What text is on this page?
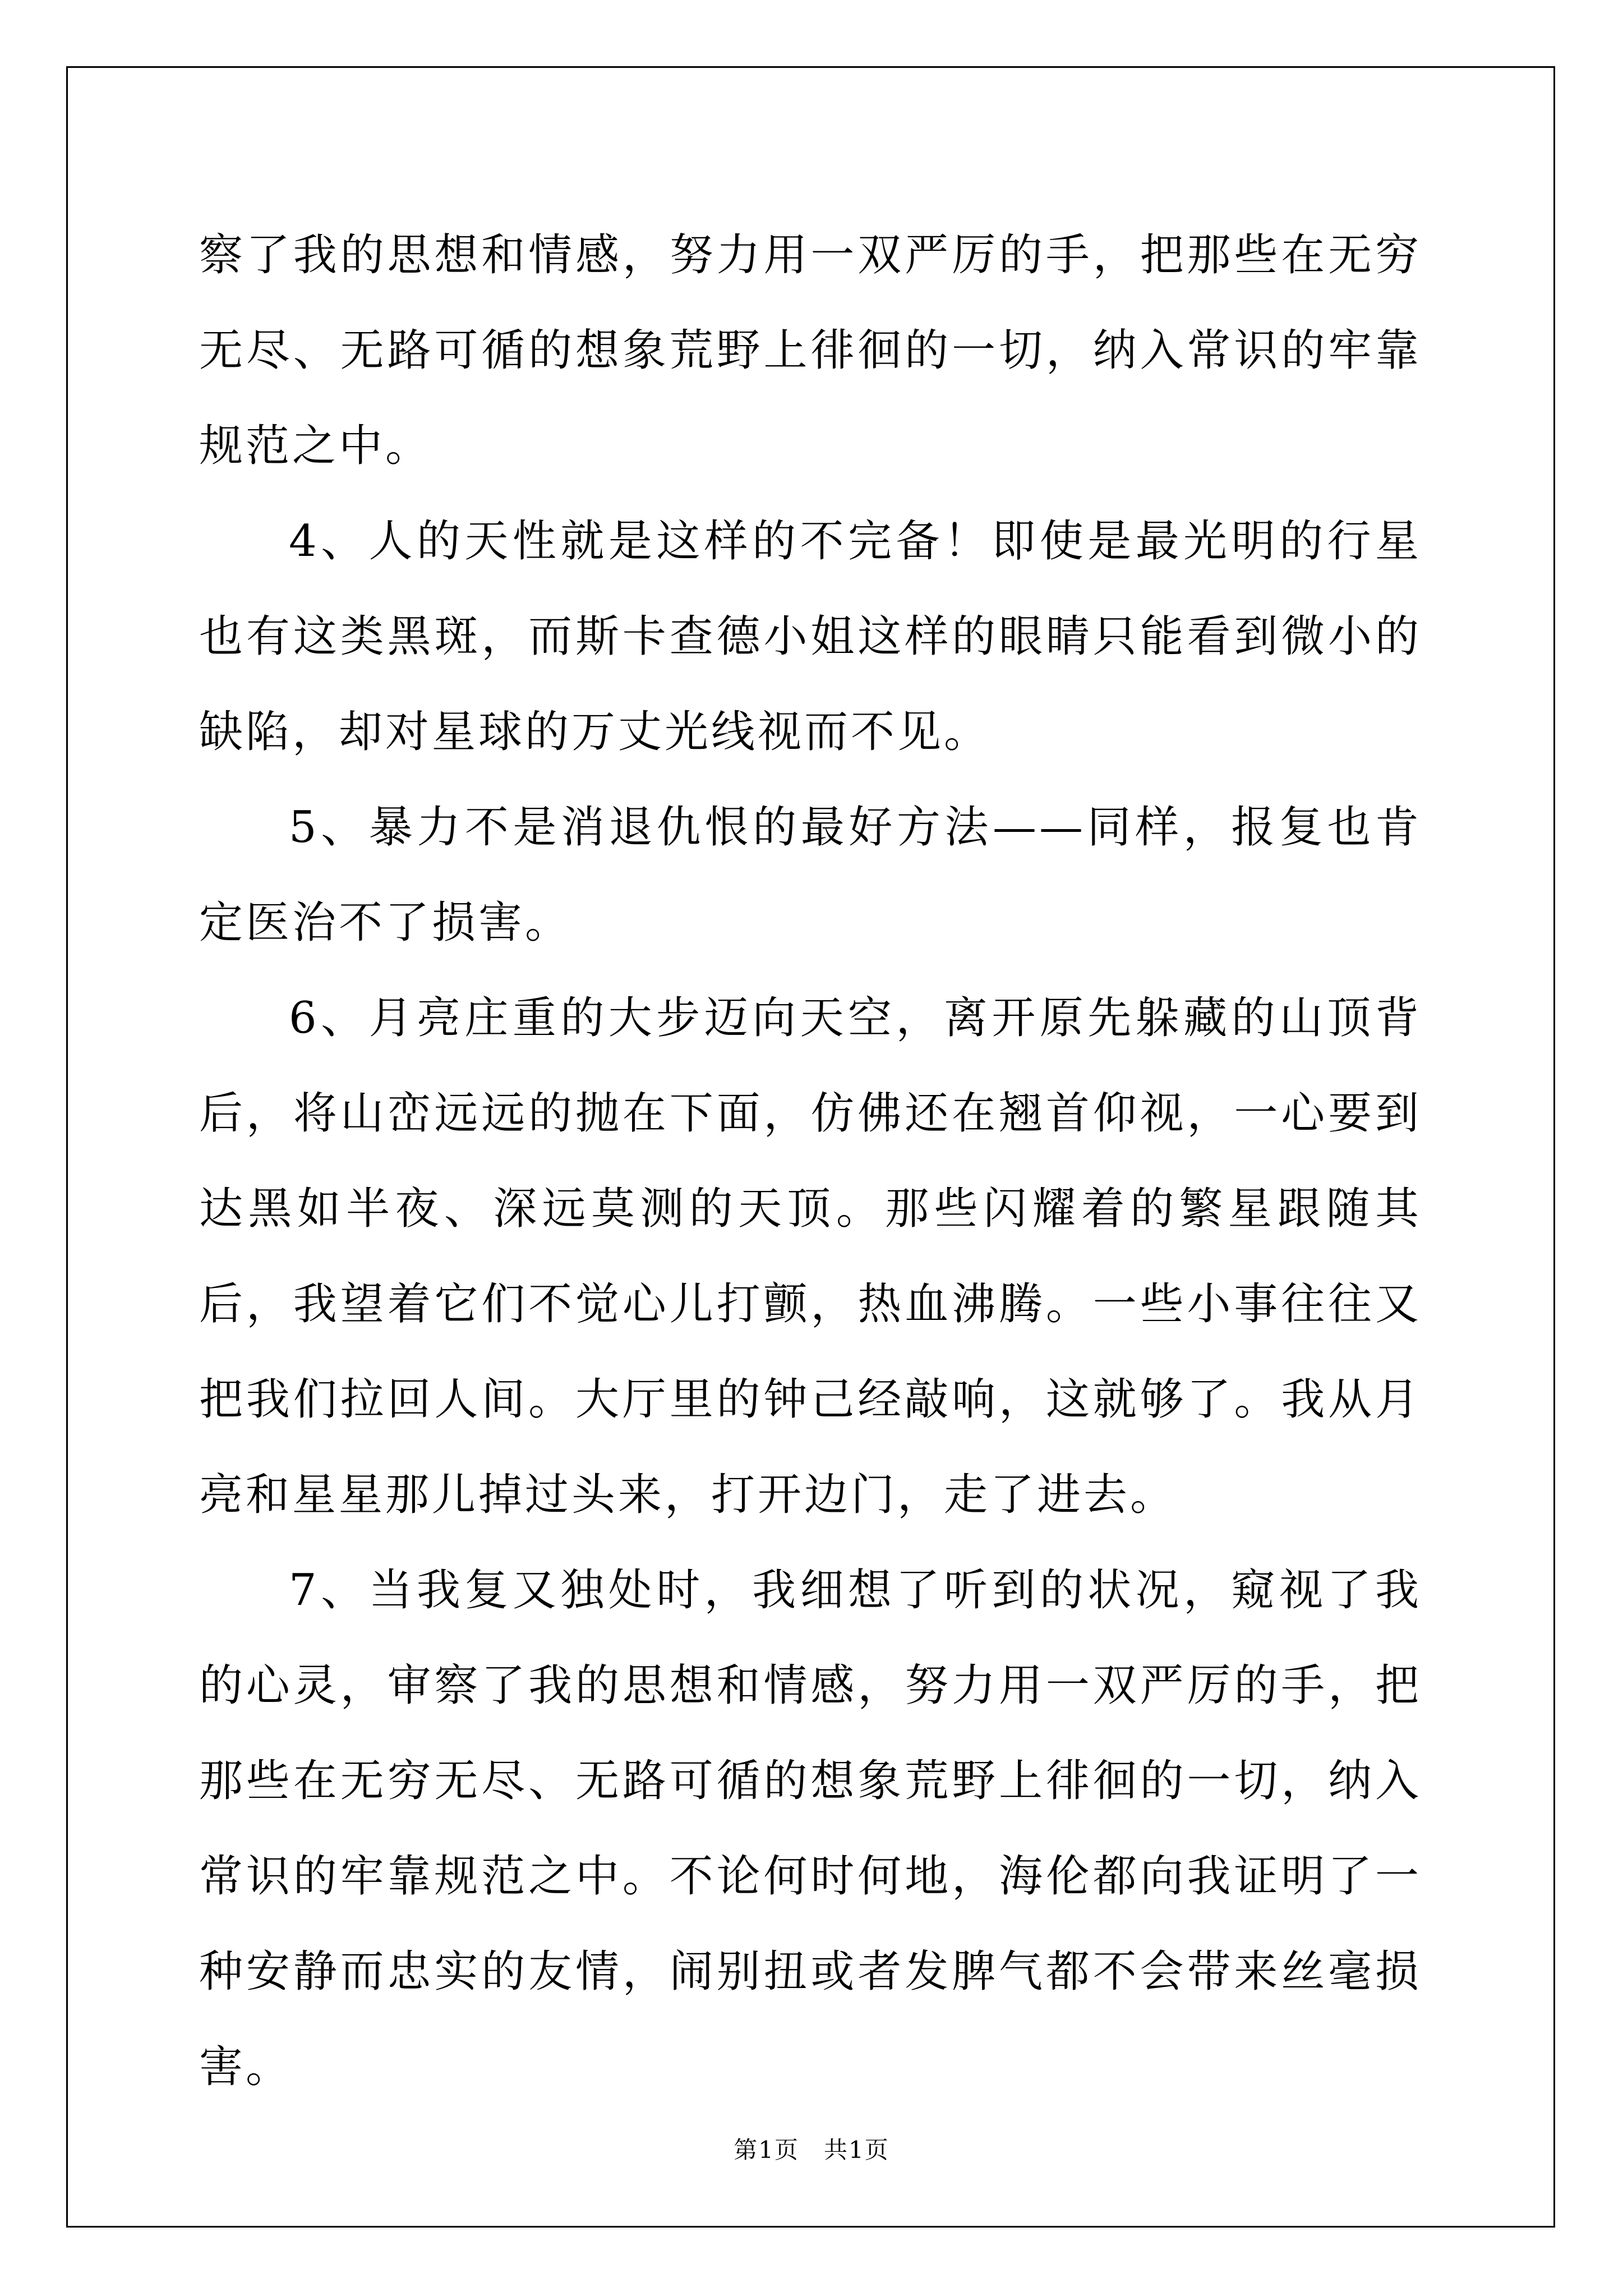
察了我的思想和情感，努力用一双严厉的手，把那些在无穷无尽、无路可循的想象荒野上徘徊的一切，纳入常识的牢靠规范之中。

4、人的天性就是这样的不完备！即使是最光明的行星也有这类黑斑，而斯卡查德小姐这样的眼睛只能看到微小的缺陷，却对星球的万丈光线视而不见。

5、暴力不是消退仇恨的最好方法——同样，报复也肯定医治不了损害。

6、月亮庄重的大步迈向天空，离开原先躲藏的山顶背后，将山峦远远的抛在下面，仿佛还在翘首仰视，一心要到达黑如半夜、深远莫测的天顶。那些闪耀着的繁星跟随其后，我望着它们不觉心儿打颤，热血沸腾。一些小事往往又把我们拉回人间。大厅里的钟己经敲响，这就够了。我从月亮和星星那儿掉过头来，打开边门，走了进去。

7、当我复又独处时，我细想了听到的状况，窥视了我的心灵，审察了我的思想和情感，努力用一双严厉的手，把那些在无穷无尽、无路可循的想象荒野上徘徊的一切，纳入常识的牢靠规范之中。不论何时何地，海伦都向我证明了一种安静而忠实的友情，闹别扭或者发脾气都不会带来丝毫损害。

第1页　共1页
